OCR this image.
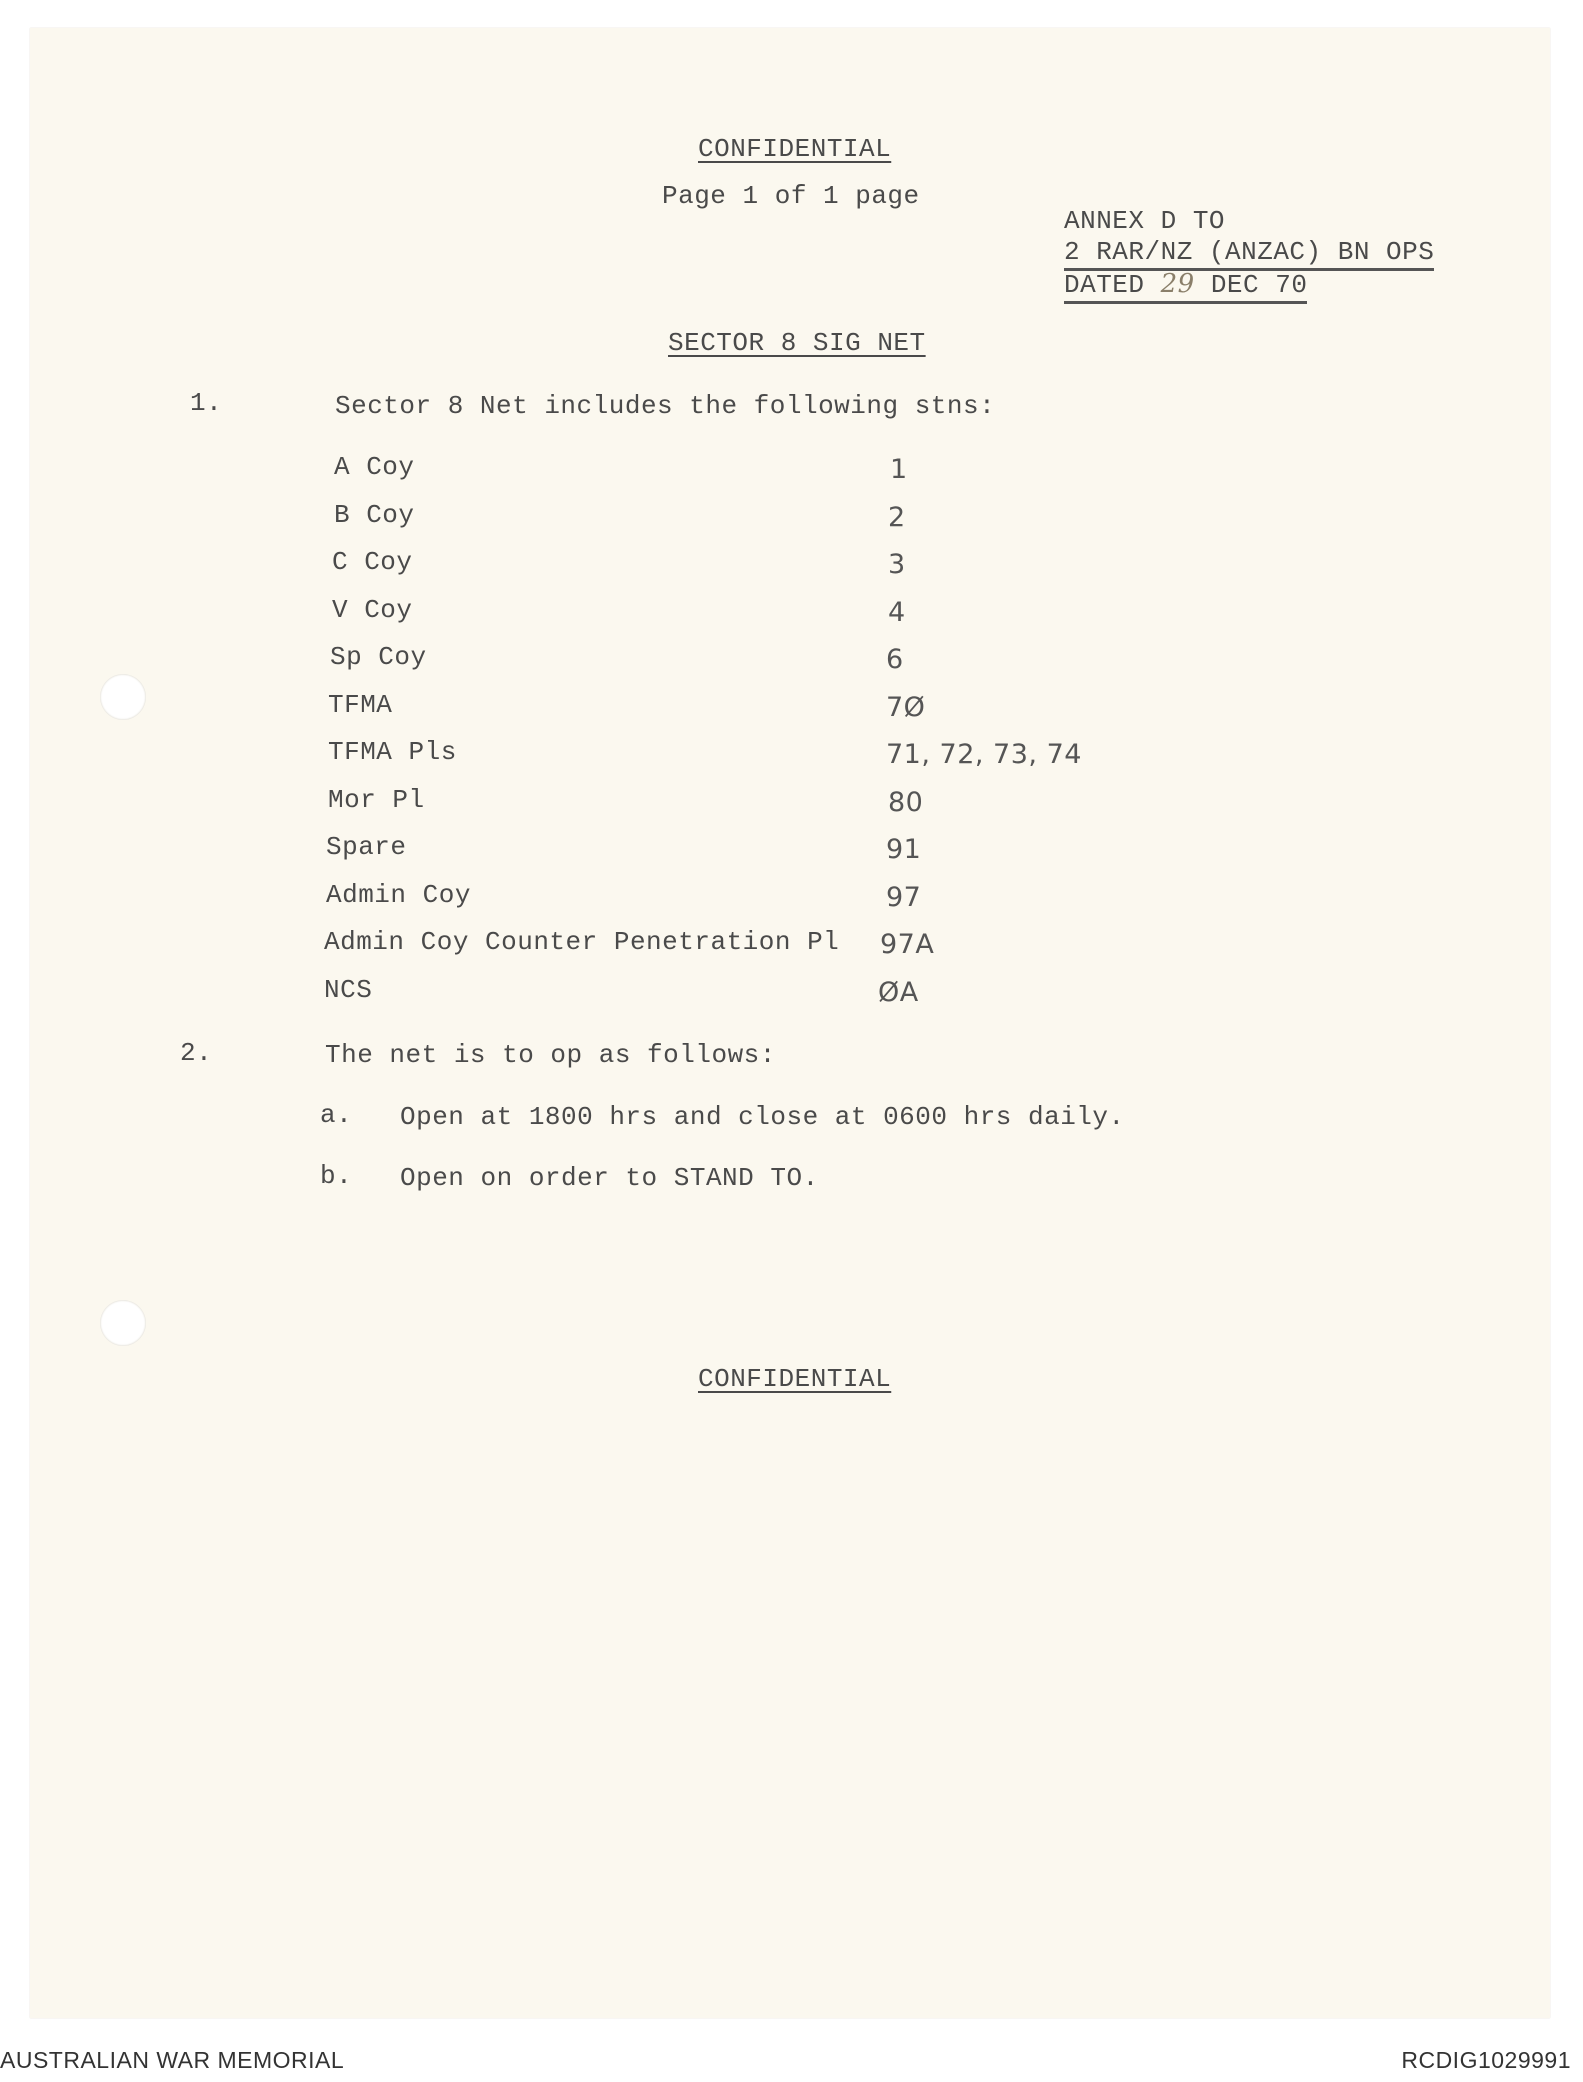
CONFIDENTIAL
Page 1 of 1 page
ANNEX D TO
2 RAR/NZ (ANZAC) BN OPS
DATED 29 DEC 70
SECTOR 8 SIG NET
1.	Sector 8 Net includes the following stns:
A Coy	1
B Coy	2
C Coy	3
V Coy	4
Sp Coy	6
TFMA	7Ø
TFMA Pls	71, 72, 73, 74
Mor Pl	80
Spare	91
Admin Coy	97
Admin Coy Counter Penetration Pl 97A
NCS	ØA
2.	The net is to op as follows:
a. Open at 1800 hrs and close at 0600 hrs daily.
b. Open on order to STAND TO.
CONFIDENTIAL
AUSTRALIAN WAR MEMORIAL	RCDIG1029991
